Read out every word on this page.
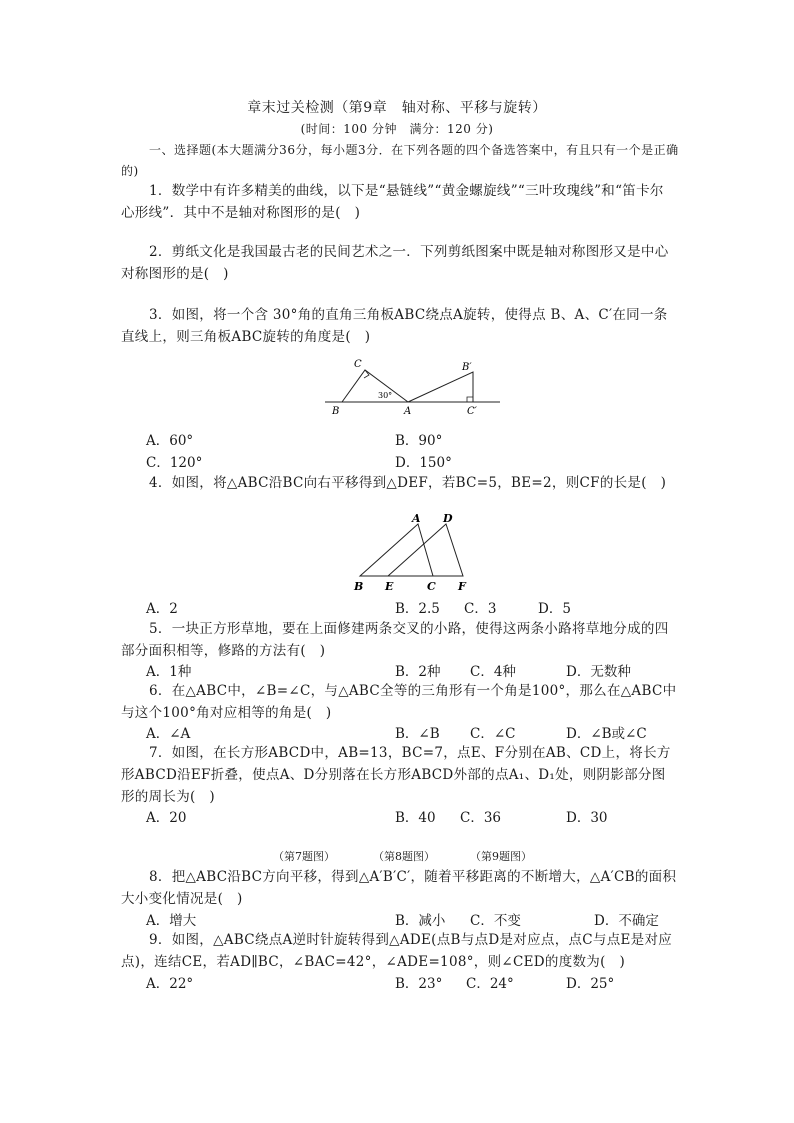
章末过关检测（第9章　轴对称、平移与旋转）
(时间：100 分钟　满分：120 分)
一、选择题(本大题满分36分，每小题3分．在下列各题的四个备选答案中，有且只有一个是正确的)
1．数学中有许多精美的曲线，以下是“悬链线”“黄金螺旋线”“三叶玫瑰线”和“笛卡尔心形线”．其中不是轴对称图形的是(　)
2．剪纸文化是我国最古老的民间艺术之一．下列剪纸图案中既是轴对称图形又是中心对称图形的是(　)
3．如图，将一个含 30°角的直角三角板ABC绕点A旋转，使得点 B、A、C′在同一条直线上，则三角板ABC旋转的角度是(　)
C	B′
30°
B	A	C′
A．60°	B．90°
C．120°	D．150°
4．如图，将△ABC沿BC向右平移得到△DEF，若BC=5，BE=2，则CF的长是(　)
A D
B E	C F
A．2	B．2.5 C．3	D．5
5．一块正方形草地，要在上面修建两条交叉的小路，使得这两条小路将草地分成的四部分面积相等，修路的方法有(　)
A．1种	B．2种 C．4种	D．无数种
6．在△ABC中，∠B=∠C，与△ABC全等的三角形有一个角是100°，那么在△ABC中与这个100°角对应相等的角是(　)
A．∠A	B．∠B C．∠C	D．∠B或∠C
7．如图，在长方形ABCD中，AB=13，BC=7，点E、F分别在AB、CD上，将长方形ABCD沿EF折叠，使点A、D分别落在长方形ABCD外部的点A₁、D₁处，则阴影部分图形的周长为(　)
A．20	B．40 C．36	D．30
（第7题图）	（第8题图）	（第9题图）
8．把△ABC沿BC方向平移，得到△A′B′C′，随着平移距离的不断增大，△A′CB的面积大小变化情况是(　)
A．增大	B．减小 C．不变	D．不确定
9．如图，△ABC绕点A逆时针旋转得到△ADE(点B与点D是对应点，点C与点E是对应点)，连结CE，若AD∥BC，∠BAC=42°，∠ADE=108°，则∠CED的度数为(　)
A．22°	B．23° C．24°	D．25°
